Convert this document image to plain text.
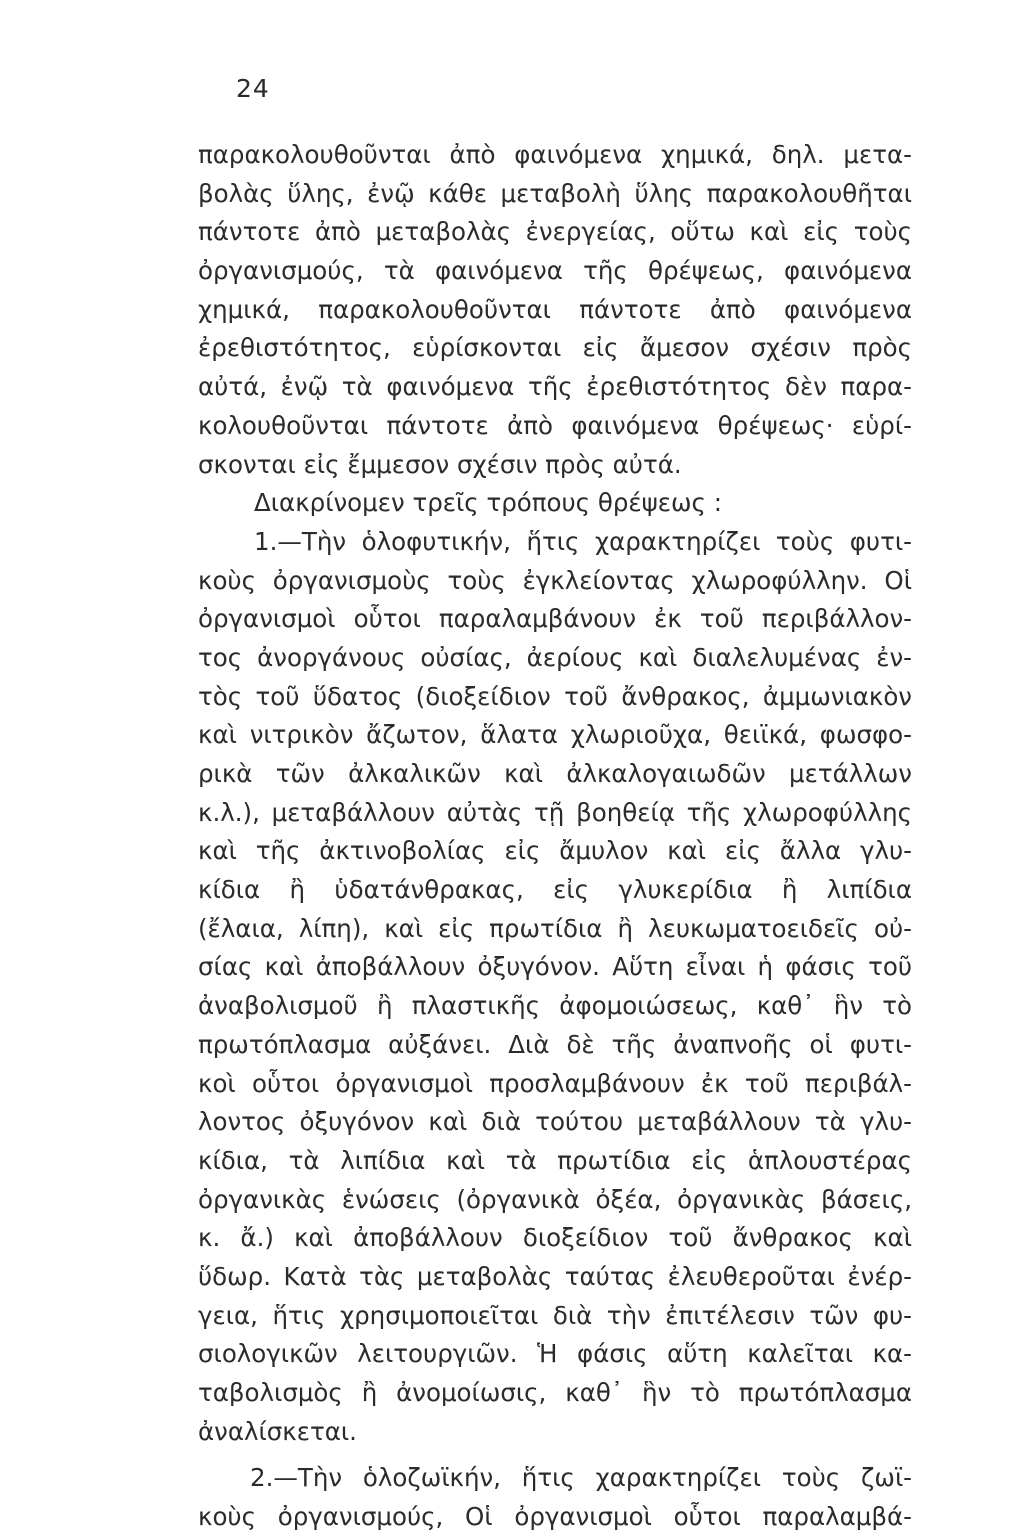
24
παρακολουθοῦνται ἀπὸ φαινόμενα χημικά, δηλ. μετα-
βολὰς ὕλης, ἐνῷ κάθε μεταβολὴ ὕλης παρακολουθῆται
πάντοτε ἀπὸ μεταβολὰς ἐνεργείας, οὕτω καὶ εἰς τοὺς
ὀργανισμούς, τὰ φαινόμενα τῆς θρέψεως, φαινόμενα
χημικά, παρακολουθοῦνται πάντοτε ἀπὸ φαινόμενα
ἐρεθιστότητος, εὑρίσκονται εἰς ἄμεσον σχέσιν πρὸς
αὐτά, ἐνῷ τὰ φαινόμενα τῆς ἐρεθιστότητος δὲν παρα-
κολουθοῦνται πάντοτε ἀπὸ φαινόμενα θρέψεως· εὑρί-
σκονται εἰς ἔμμεσον σχέσιν πρὸς αὐτά.
Διακρίνομεν τρεῖς τρόπους θρέψεως :
1.—Τὴν ὁλοφυτικήν, ἥτις χαρακτηρίζει τοὺς φυτι-
κοὺς ὀργανισμοὺς τοὺς ἐγκλείοντας χλωροφύλλην. Οἱ
ὀργανισμοὶ οὗτοι παραλαμβάνουν ἐκ τοῦ περιβάλλον-
τος ἀνοργάνους οὐσίας, ἀερίους καὶ διαλελυμένας ἐν-
τὸς τοῦ ὕδατος (διοξείδιον τοῦ ἄνθρακος, ἀμμωνιακὸν
καὶ νιτρικὸν ἄζωτον, ἅλατα χλωριοῦχα, θειϊκά, φωσφο-
ρικὰ τῶν ἀλκαλικῶν καὶ ἀλκαλογαιωδῶν μετάλλων
κ.λ.), μεταβάλλουν αὐτὰς τῇ βοηθείᾳ τῆς χλωροφύλλης
καὶ τῆς ἀκτινοβολίας εἰς ἄμυλον καὶ εἰς ἄλλα γλυ-
κίδια ἢ ὑδατάνθρακας, εἰς γλυκερίδια ἢ λιπίδια
(ἔλαια, λίπη), καὶ εἰς πρωτίδια ἢ λευκωματοειδεῖς οὐ-
σίας καὶ ἀποβάλλουν ὀξυγόνον. Αὕτη εἶναι ἡ φάσις τοῦ
ἀναβολισμοῦ ἢ πλαστικῆς ἀφομοιώσεως, καθ᾽ ἣν τὸ
πρωτόπλασμα αὐξάνει. Διὰ δὲ τῆς ἀναπνοῆς οἱ φυτι-
κοὶ οὗτοι ὀργανισμοὶ προσλαμβάνουν ἐκ τοῦ περιβάλ-
λοντος ὀξυγόνον καὶ διὰ τούτου μεταβάλλουν τὰ γλυ-
κίδια, τὰ λιπίδια καὶ τὰ πρωτίδια εἰς ἁπλουστέρας
ὀργανικὰς ἑνώσεις (ὀργανικὰ ὀξέα, ὀργανικὰς βάσεις,
κ. ἄ.) καὶ ἀποβάλλουν διοξείδιον τοῦ ἄνθρακος καὶ
ὕδωρ. Κατὰ τὰς μεταβολὰς ταύτας ἐλευθεροῦται ἐνέρ-
γεια, ἥτις χρησιμοποιεῖται διὰ τὴν ἐπιτέλεσιν τῶν φυ-
σιολογικῶν λειτουργιῶν. Ἡ φάσις αὕτη καλεῖται κα-
ταβολισμὸς ἢ ἀνομοίωσις, καθ᾽ ἣν τὸ πρωτόπλασμα
ἀναλίσκεται.
2.—Τὴν ὁλοζωϊκήν, ἥτις χαρακτηρίζει τοὺς ζωϊ-
κοὺς ὀργανισμούς, Οἱ ὀργανισμοὶ οὗτοι παραλαμβά-
